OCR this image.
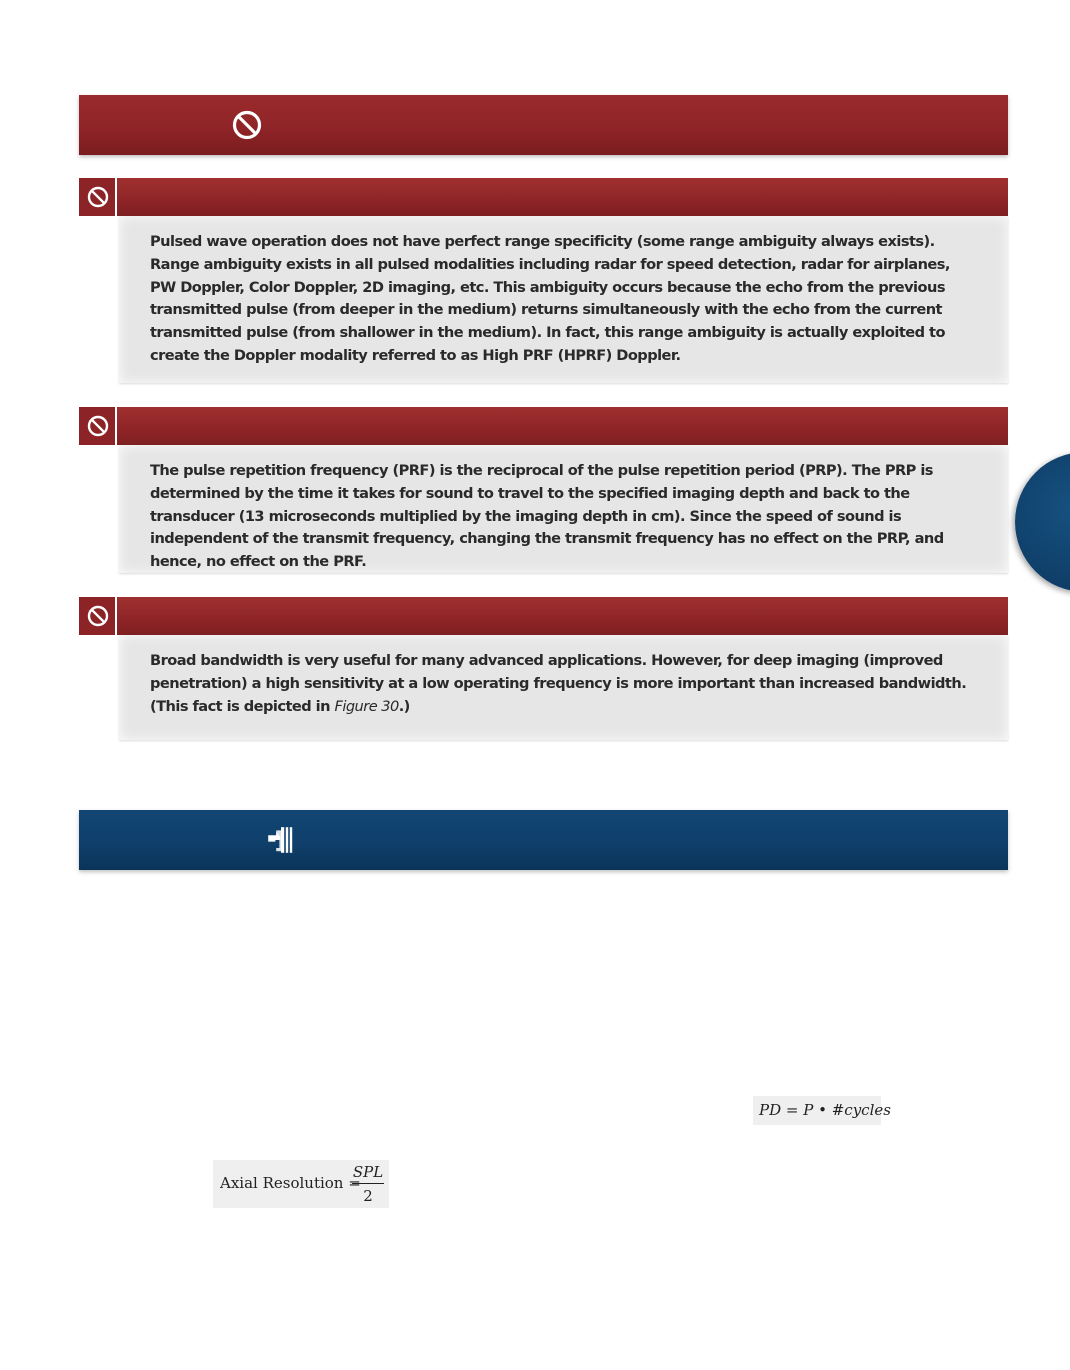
Pulsed wave operation does not have perfect range specificity (some range ambiguity always exists). Range ambiguity exists in all pulsed modalities including radar for speed detection, radar for airplanes, PW Doppler, Color Doppler, 2D imaging, etc. This ambiguity occurs because the echo from the previous transmitted pulse (from deeper in the medium) returns simultaneously with the echo from the current transmitted pulse (from shallower in the medium). In fact, this range ambiguity is actually exploited to create the Doppler modality referred to as High PRF (HPRF) Doppler.

The pulse repetition frequency (PRF) is the reciprocal of the pulse repetition period (PRP). The PRP is determined by the time it takes for sound to travel to the specified imaging depth and back to the transducer (13 microseconds multiplied by the imaging depth in cm). Since the speed of sound is independent of the transmit frequency, changing the transmit frequency has no effect on the PRP, and hence, no effect on the PRF.

Broad bandwidth is very useful for many advanced applications. However, for deep imaging (improved penetration) a high sensitivity at a low operating frequency is more important than increased bandwidth. (This fact is depicted in Figure 30.)

PD = P • #cycles
Axial Resolution =
SPL
2
